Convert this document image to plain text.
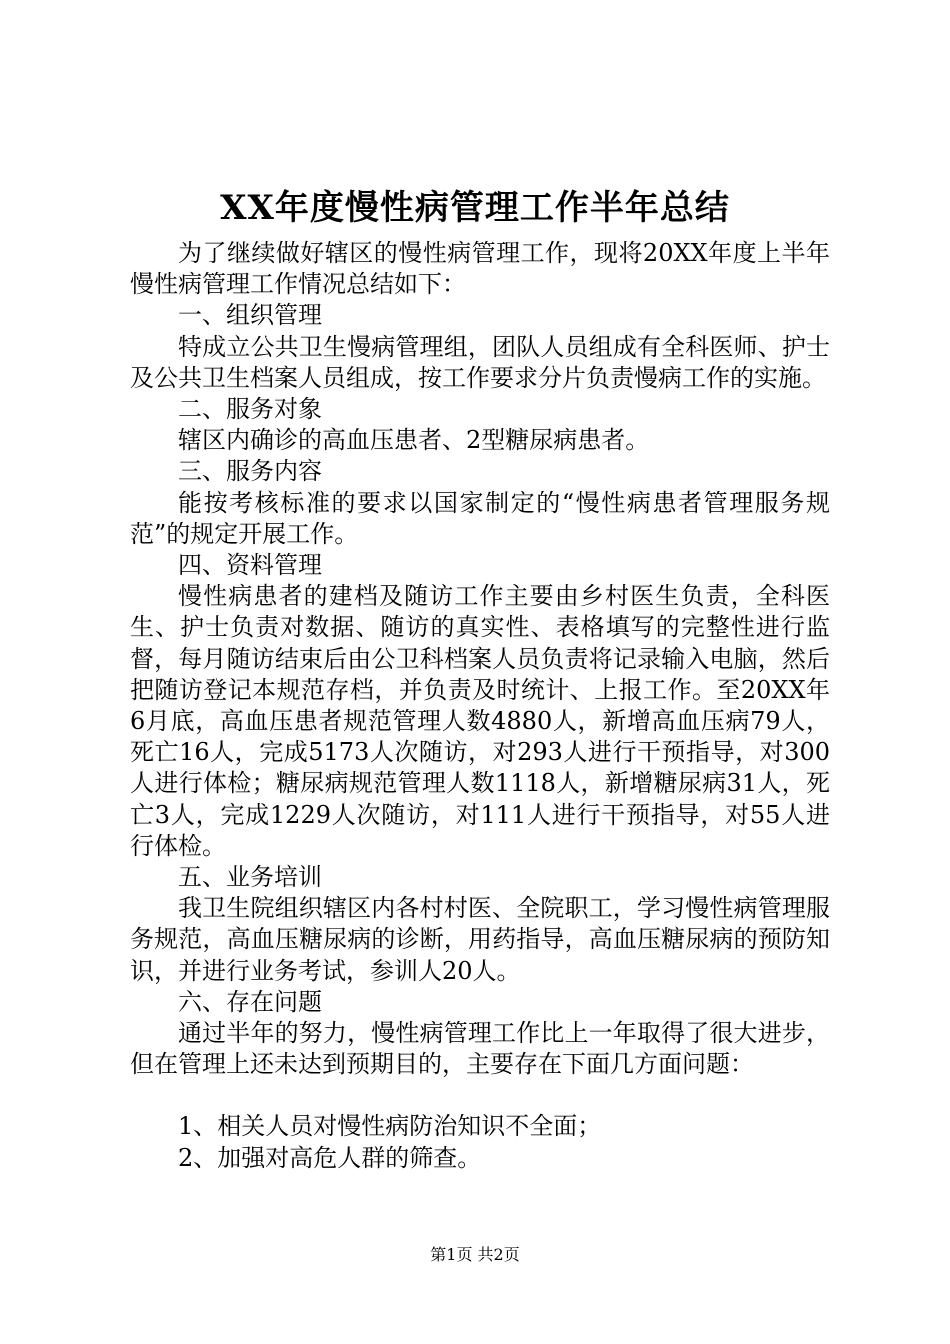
XX年度慢性病管理工作半年总结

为了继续做好辖区的慢性病管理工作，现将20XX年度上半年慢性病管理工作情况总结如下：

一、组织管理

特成立公共卫生慢病管理组，团队人员组成有全科医师、护士及公共卫生档案人员组成，按工作要求分片负责慢病工作的实施。

二、服务对象

辖区内确诊的高血压患者、2型糖尿病患者。

三、服务内容

能按考核标准的要求以国家制定的“慢性病患者管理服务规范”的规定开展工作。

四、资料管理

慢性病患者的建档及随访工作主要由乡村医生负责，全科医生、护士负责对数据、随访的真实性、表格填写的完整性进行监督，每月随访结束后由公卫科档案人员负责将记录输入电脑，然后把随访登记本规范存档，并负责及时统计、上报工作。至20XX年6月底，高血压患者规范管理人数4880人，新增高血压病79人，死亡16人，完成5173人次随访，对293人进行干预指导，对300人进行体检；糖尿病规范管理人数1118人，新增糖尿病31人，死亡3人，完成1229人次随访，对111人进行干预指导，对55人进行体检。

五、业务培训

我卫生院组织辖区内各村村医、全院职工，学习慢性病管理服务规范，高血压糖尿病的诊断，用药指导，高血压糖尿病的预防知识，并进行业务考试，参训人20人。

六、存在问题

通过半年的努力，慢性病管理工作比上一年取得了很大进步，但在管理上还未达到预期目的，主要存在下面几方面问题：

1、相关人员对慢性病防治知识不全面；

2、加强对高危人群的筛查。

第1页 共2页
